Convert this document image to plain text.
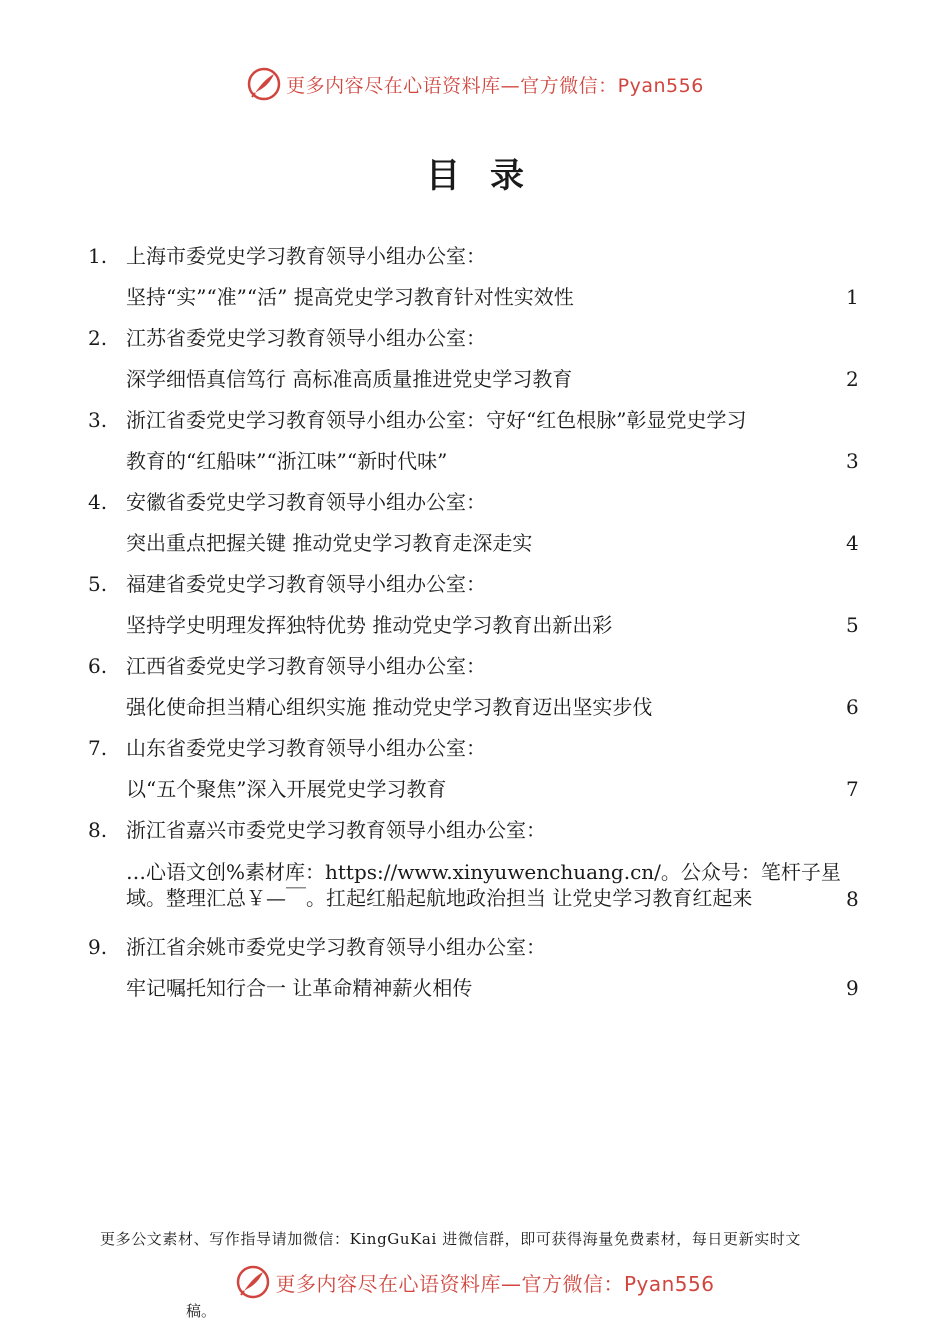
更多内容尽在心语资料库—官方微信：Pyan556
目录
1. 上海市委党史学习教育领导小组办公室：
坚持“实”“准”“活” 提高党史学习教育针对性实效性	1
2. 江苏省委党史学习教育领导小组办公室：
深学细悟真信笃行 高标准高质量推进党史学习教育	2
3. 浙江省委党史学习教育领导小组办公室：守好“红色根脉”彰显党史学习
教育的“红船味”“浙江味”“新时代味”	3
4. 安徽省委党史学习教育领导小组办公室：
突出重点把握关键 推动党史学习教育走深走实	4
5. 福建省委党史学习教育领导小组办公室：
坚持学史明理发挥独特优势 推动党史学习教育出新出彩	5
6. 江西省委党史学习教育领导小组办公室：
强化使命担当精心组织实施 推动党史学习教育迈出坚实步伐	6
7. 山东省委党史学习教育领导小组办公室：
以“五个聚焦”深入开展党史学习教育	7
8. 浙江省嘉兴市委党史学习教育领导小组办公室：
…心语文创%素材库：https://www.xinyuwenchuang.cn/。公众号：笔杆子星域。整理汇总￥—￣。扛起红船起航地政治担当 让党史学习教育红起来	8
9. 浙江省余姚市委党史学习教育领导小组办公室：
牢记嘱托知行合一 让革命精神薪火相传	9
更多公文素材、写作指导请加微信：KingGuKai 进微信群，即可获得海量免费素材，每日更新实时文
更多内容尽在心语资料库—官方微信：Pyan556
稿。
